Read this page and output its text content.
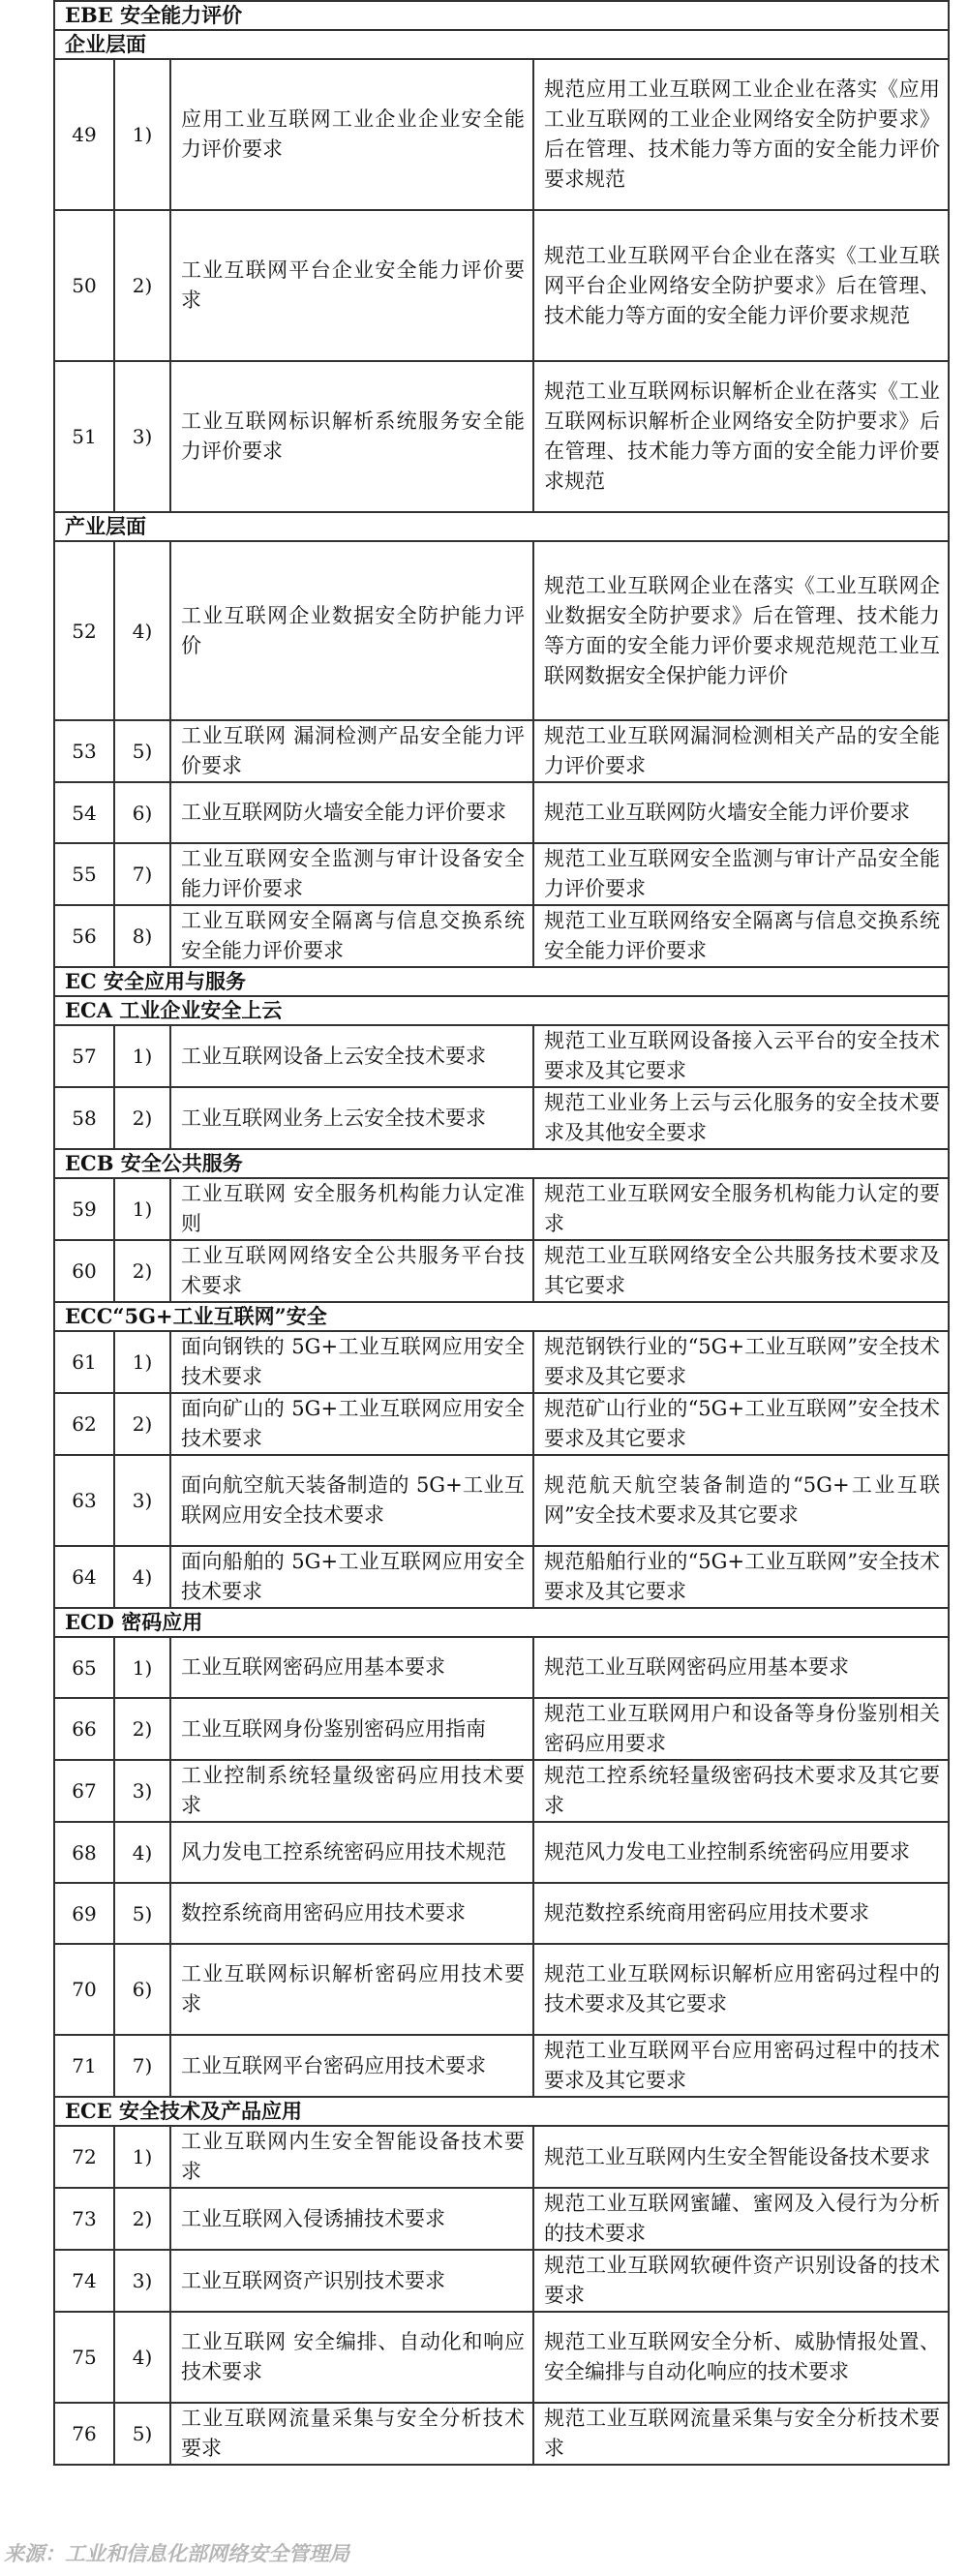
EBE 安全能力评价			
企业层面			
49	1)	应用工业互联网工业企业企业安全能力评价要求	规范应用工业互联网工业企业在落实《应用工业互联网的工业企业网络安全防护要求》后在管理、技术能力等方面的安全能力评价要求规范
50	2)	工业互联网平台企业安全能力评价要求	规范工业互联网平台企业在落实《工业互联网平台企业网络安全防护要求》后在管理、技术能力等方面的安全能力评价要求规范
51	3)	工业互联网标识解析系统服务安全能力评价要求	规范工业互联网标识解析企业在落实《工业互联网标识解析企业网络安全防护要求》后在管理、技术能力等方面的安全能力评价要求规范
产业层面			
52	4)	工业互联网企业数据安全防护能力评价	规范工业互联网企业在落实《工业互联网企业数据安全防护要求》后在管理、技术能力等方面的安全能力评价要求规范规范工业互联网数据安全保护能力评价
53	5)	工业互联网 漏洞检测产品安全能力评价要求	规范工业互联网漏洞检测相关产品的安全能力评价要求
54	6)	工业互联网防火墙安全能力评价要求	规范工业互联网防火墙安全能力评价要求
55	7)	工业互联网安全监测与审计设备安全能力评价要求	规范工业互联网安全监测与审计产品安全能力评价要求
56	8)	工业互联网安全隔离与信息交换系统安全能力评价要求	规范工业互联网络安全隔离与信息交换系统安全能力评价要求
EC 安全应用与服务			
ECA 工业企业安全上云			
57	1)	工业互联网设备上云安全技术要求	规范工业互联网设备接入云平台的安全技术要求及其它要求
58	2)	工业互联网业务上云安全技术要求	规范工业业务上云与云化服务的安全技术要求及其他安全要求
ECB 安全公共服务			
59	1)	工业互联网 安全服务机构能力认定准则	规范工业互联网安全服务机构能力认定的要求
60	2)	工业互联网网络安全公共服务平台技术要求	规范工业互联网络安全公共服务技术要求及其它要求
ECC“5G+工业互联网”安全			
61	1)	面向钢铁的 5G+工业互联网应用安全技术要求	规范钢铁行业的“5G+工业互联网”安全技术要求及其它要求
62	2)	面向矿山的 5G+工业互联网应用安全技术要求	规范矿山行业的“5G+工业互联网”安全技术要求及其它要求
63	3)	面向航空航天装备制造的 5G+工业互联网应用安全技术要求	规范航天航空装备制造的“5G+工业互联网”安全技术要求及其它要求
64	4)	面向船舶的 5G+工业互联网应用安全技术要求	规范船舶行业的“5G+工业互联网”安全技术要求及其它要求
ECD 密码应用			
65	1)	工业互联网密码应用基本要求	规范工业互联网密码应用基本要求
66	2)	工业互联网身份鉴别密码应用指南	规范工业互联网用户和设备等身份鉴别相关密码应用要求
67	3)	工业控制系统轻量级密码应用技术要求	规范工控系统轻量级密码技术要求及其它要求
68	4)	风力发电工控系统密码应用技术规范	规范风力发电工业控制系统密码应用要求
69	5)	数控系统商用密码应用技术要求	规范数控系统商用密码应用技术要求
70	6)	工业互联网标识解析密码应用技术要求	规范工业互联网标识解析应用密码过程中的技术要求及其它要求
71	7)	工业互联网平台密码应用技术要求	规范工业互联网平台应用密码过程中的技术要求及其它要求
ECE 安全技术及产品应用			
72	1)	工业互联网内生安全智能设备技术要求	规范工业互联网内生安全智能设备技术要求
73	2)	工业互联网入侵诱捕技术要求	规范工业互联网蜜罐、蜜网及入侵行为分析的技术要求
74	3)	工业互联网资产识别技术要求	规范工业互联网软硬件资产识别设备的技术要求
75	4)	工业互联网 安全编排、自动化和响应技术要求	规范工业互联网安全分析、威胁情报处置、安全编排与自动化响应的技术要求
76	5)	工业互联网流量采集与安全分析技术要求	规范工业互联网流量采集与安全分析技术要求
来源：工业和信息化部网络安全管理局
